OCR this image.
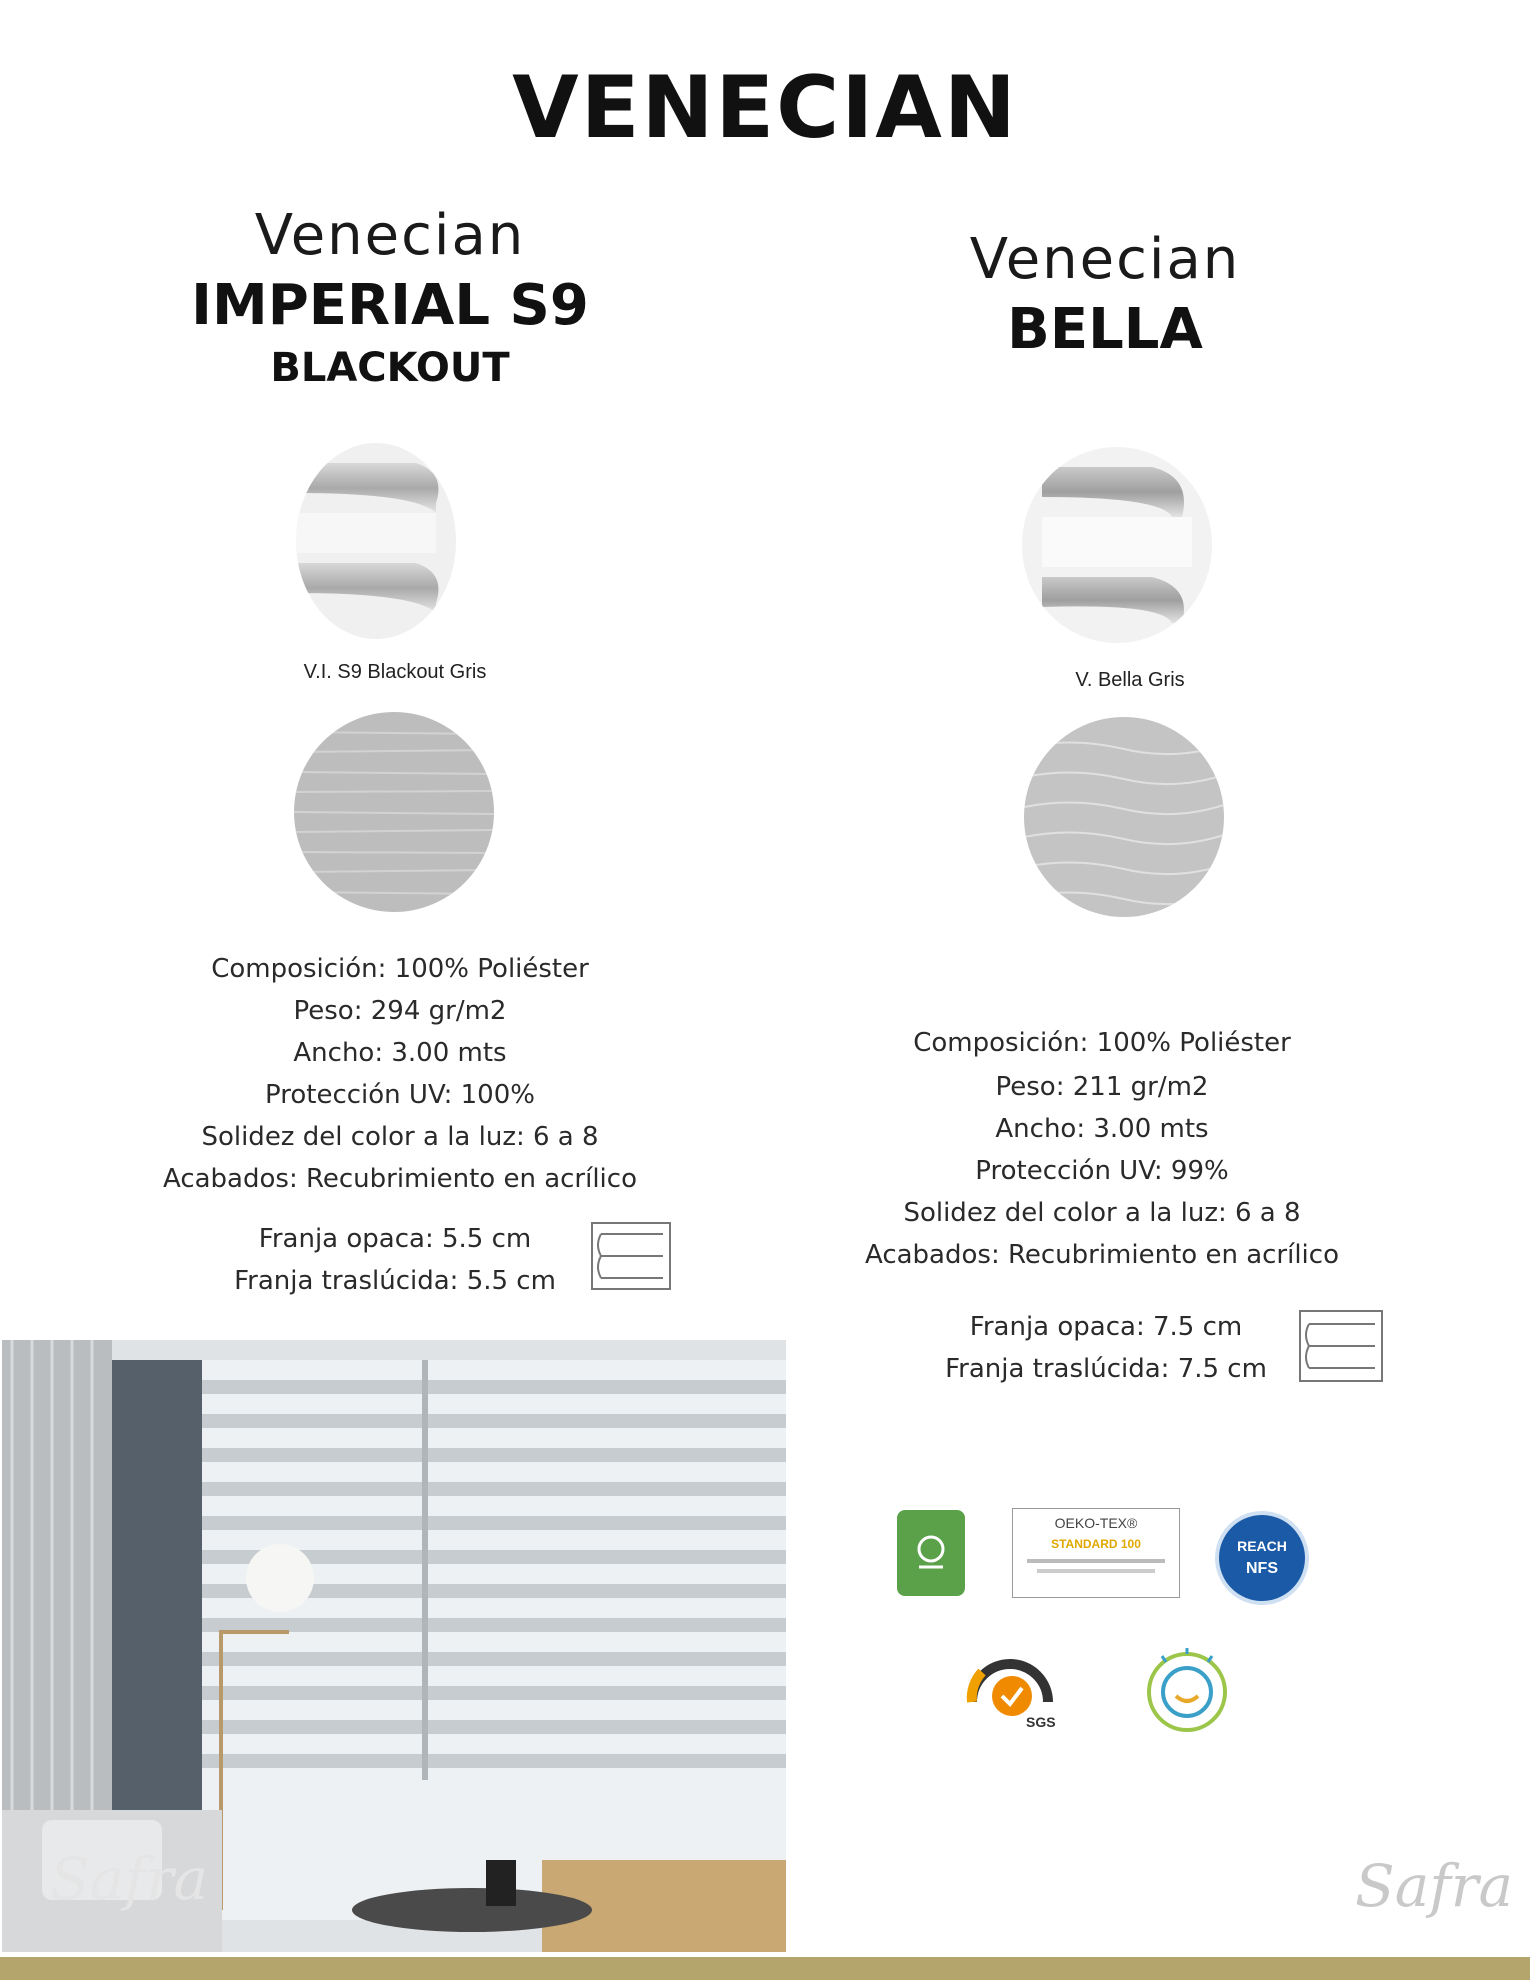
VENECIAN
Venecian
IMPERIAL S9
BLACKOUT
V.I. S9 Blackout Gris
Composición: 100% Poliéster
Peso: 294 gr/m2
Ancho: 3.00 mts
Protección UV: 100%
Solidez del color a la luz: 6 a 8
Acabados: Recubrimiento en acrílico
Franja opaca: 5.5 cm
Franja traslúcida: 5.5 cm
Venecian
BELLA
V. Bella Gris
Composición: 100% Poliéster
Peso: 211 gr/m2
Ancho: 3.00 mts
Protección UV: 99%
Solidez del color a la luz: 6 a 8
Acabados: Recubrimiento en acrílico
Franja opaca: 7.5 cm
Franja traslúcida: 7.5 cm
Safra
OEKO-TEX®
STANDARD 100	REACH
NFS
SGS
Safra
